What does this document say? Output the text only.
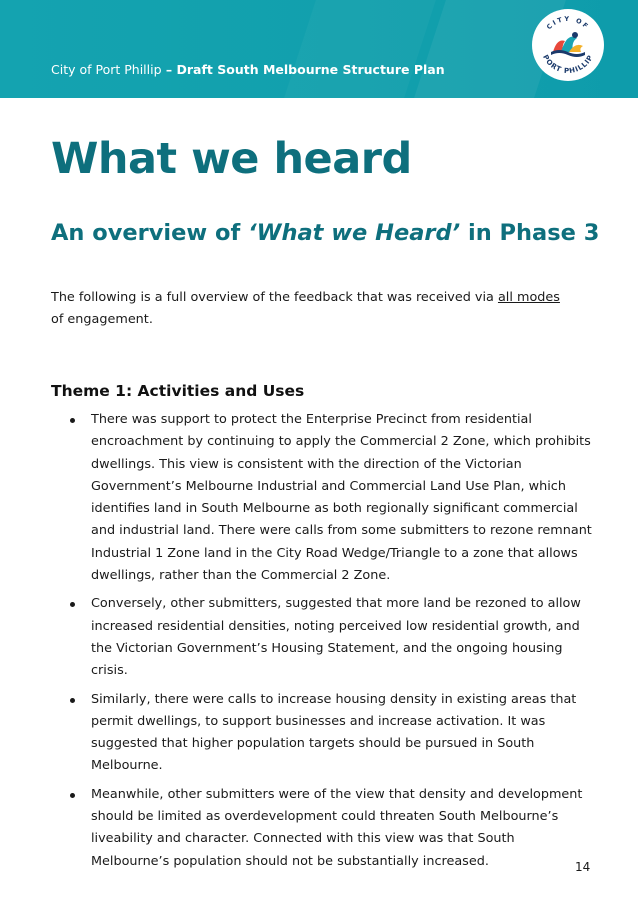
City of Port Phillip – Draft South Melbourne Structure Plan
CITY OF
PORT PHILLIP
What we heard
An overview of ‘What we Heard’ in Phase 3

The following is a full overview of the feedback that was received via all modes of engagement.

Theme 1: Activities and Uses
There was support to protect the Enterprise Precinct from residential encroachment by continuing to apply the Commercial 2 Zone, which prohibits dwellings. This view is consistent with the direction of the Victorian Government’s Melbourne Industrial and Commercial Land Use Plan, which identifies land in South Melbourne as both regionally significant commercial and industrial land. There were calls from some submitters to rezone remnant Industrial 1 Zone land in the City Road Wedge/Triangle to a zone that allows dwellings, rather than the Commercial 2 Zone.
Conversely, other submitters, suggested that more land be rezoned to allow increased residential densities, noting perceived low residential growth, and the Victorian Government’s Housing Statement, and the ongoing housing crisis.
Similarly, there were calls to increase housing density in existing areas that permit dwellings, to support businesses and increase activation. It was suggested that higher population targets should be pursued in South Melbourne.
Meanwhile, other submitters were of the view that density and development should be limited as overdevelopment could threaten South Melbourne’s liveability and character. Connected with this view was that South Melbourne’s population should not be substantially increased.	14
